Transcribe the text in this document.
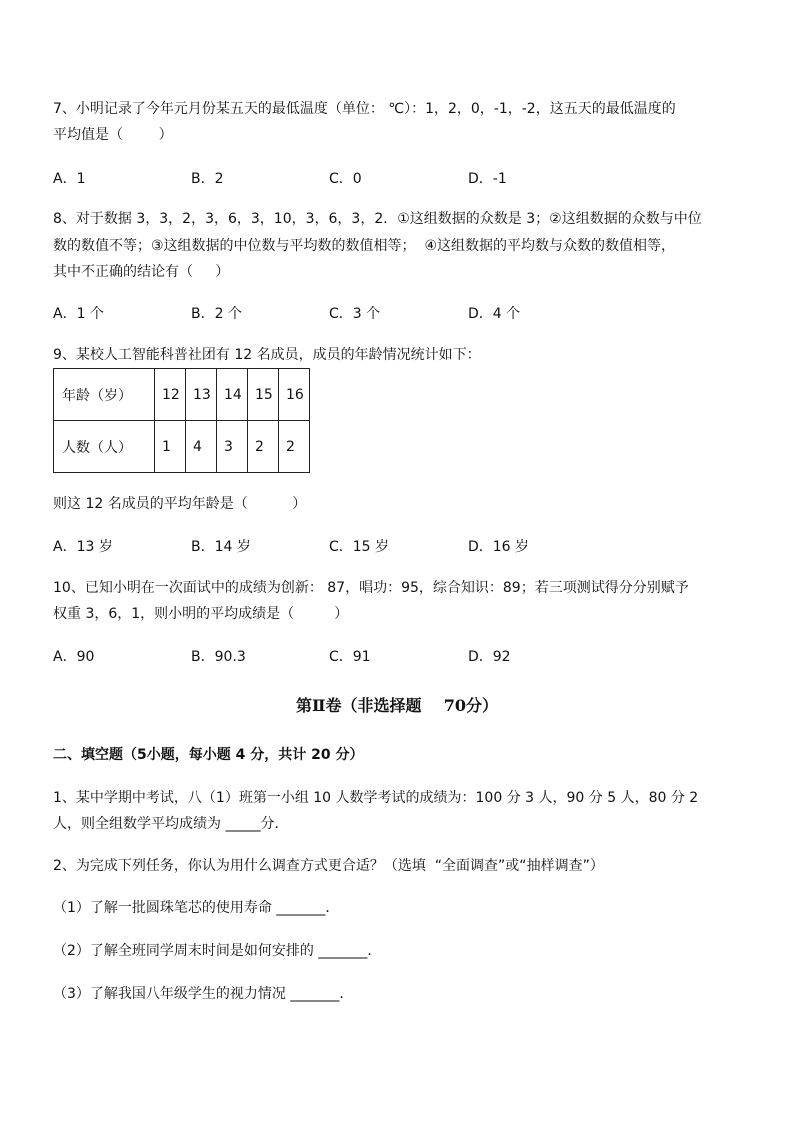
7、小明记录了今年元月份某五天的最低温度（单位： ℃）：1，2，0，-1，-2，这五天的最低温度的
平均值是（        ）
A．1	B．2	C．0	D．-1
8、对于数据 3，3，2，3，6，3，10，3，6，3，2．①这组数据的众数是 3；②这组数据的众数与中位
数的数值不等；③这组数据的中位数与平均数的数值相等；  ④这组数据的平均数与众数的数值相等，
其中不正确的结论有（     ）
A．1 个	B．2 个	C．3 个	D．4 个
9、某校人工智能科普社团有 12 名成员，成员的年龄情况统计如下：
年龄（岁）	12	13	14	15	16
人数（人）	1	4	3	2	2
则这 12 名成员的平均年龄是（          ）
A．13 岁	B．14 岁	C．15 岁	D．16 岁
10、已知小明在一次面试中的成绩为创新： 87，唱功：95，综合知识：89；若三项测试得分分别赋予
权重 3，6，1，则小明的平均成绩是（         ）
A．90	B．90.3	C．91	D．92
第Ⅱ卷（非选择题    70分）
二、填空题（5小题，每小题 4 分，共计 20 分）
1、某中学期中考试，八（1）班第一小组 10 人数学考试的成绩为：100 分 3 人，90 分 5 人，80 分 2
人，则全组数学平均成绩为 _____分．
2、为完成下列任务，你认为用什么调查方式更合适？（选填  “全面调查”或“抽样调查”）
（1）了解一批圆珠笔芯的使用寿命 _______．
（2）了解全班同学周末时间是如何安排的 _______．
（3）了解我国八年级学生的视力情况 _______．
